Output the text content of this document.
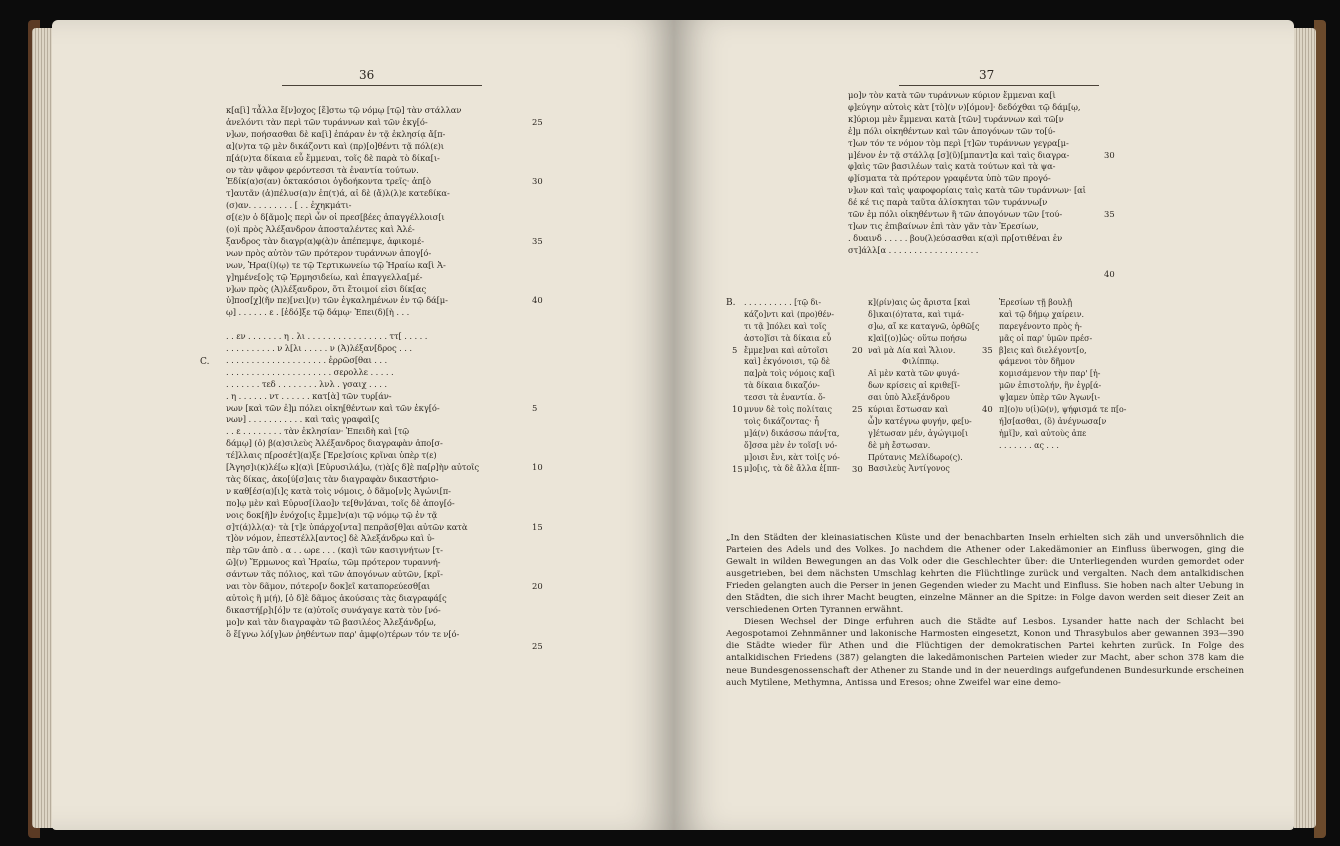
36
C.
κ[α[ὶ] τἆλλα ἔ[ν]οχος [ἔ]στω τῷ νόμῳ [τῷ] τὰν στάλλαν
ἀνελόντι τὰν περὶ τῶν τυράννων καὶ τῶν ἐκγ[ό-
ν]ων, ποήσασθαι δὲ κα[ὶ] ἐπάραν ἐν τᾷ ἐκλησίᾳ ἄ[π-
α](ν)τα τῷ μὲν δικάζοντι καὶ (πρ)[ο]θέντι τᾷ πόλ(ε)ι
π[ά(ν)τα δίκαια εὖ ἔμμεναι, τοῖς δὲ παρὰ τὸ δίκα[ι-
ον τὰν ψᾶφον φερόντεσσι τὰ ἐναντία τούτων.
Ἐδίκ(α)σ(αν) ὀκτακόσιοι ὀγδοήκοντα τρεῖς· ἀπ[ὸ
τ]αυτᾶν (ἀ)πέλυσ(α)ν ἐπ(τ)ά, αἱ δὲ (ἄ)λ(λ)ε κατεδίκα-
(σ)αν. . . . . . . . . [ . . ἐχηκμάτι-
σ[(ε)ν ὁ δ[ᾶμο]ς περὶ ὧν οἱ πρεσ[βέες ἀπαγγέλλοισ[ι
(ο)ἱ πρὸς Ἀλέξανδρον ἀποσταλέντες καὶ Ἀλέ-
ξανδρος τὰν διαγρ(α)φ(ὰ)ν ἀπέπεμψε, ἀφικομέ-
νων πρὸς αὐτὸν τῶν πρότερον τυράννων ἀπογ[ό-
νων, Ἡρα(ί)(ῳ) τε τῷ Τερτικωνείω τῷ Ἡραίω κα[ὶ Ἀ-
γ]ημένε[ο]ς τῷ Ἑρμησιδείω, καὶ ἐπαγγελλα[μέ-
ν]ων πρὸς (Ἀ)λέξανδρον, ὅτι ἕτοιμοί εἰσι δίκ[ας
ὑ]ποσ[χ](ῆν πε)[νει](ν) τῶν ἐγκαλημένων ἐν τῷ δά[μ-
ῳ] . . . . . . ε . [ἐδό]ξε τῷ δάμῳ· Ἐπει(δ)[ὴ . . .
. . εν . . . . . . . η . λι . . . . . . . . . . . . . . . . ττ[ . . . . .
. . . . . . . . . . ν λ[λι . . . . . ν (Ἀ)λέξαν[δρος . . .
. . . . . . . . . . . . . . . . . . . . ἐρρῶσ[θαι . . .
. . . . . . . . . . . . . . . . . . . . . σερολλε . . . . .
. . . . . . . τεδ . . . . . . . . λνλ . γσαιχ . . . .
. η . . . . . . ντ . . . . . . κατ[ὰ] τῶν τυρ[άν-
νων [καὶ τῶν ἐ]μ πόλει οἰκη[θέντων καὶ τῶν ἐκγ[ό-
νων] . . . . . . . . . . . καὶ ταὶς γραφαὶ[ς
. . ε . . . . . . . . τὰν ἐκλησίαν· Ἐπειδὴ καὶ [τῷ
δάμῳ] (ὁ) β(α)σιλεὺς Ἀλέξανδρος διαγραφὰν ἀπο[σ-
τέ]λλαις π[ροσέτ](α)ξε [Ἐρε]σίοις κρῖναι ὑπὲρ τ(ε)
[Ἀγησ]ι(κ)λέ[ω κ](α)ὶ [Εὐρυσιλά]ω, (τ)ὰ[ς δ]ὲ πα[ρ]ὴν αὐτοῖς
τὰς δίκας, ἀκο[ύ[σ]αις τὰν διαγραφὰν δικαστήριο-
ν καθ[έσ(α)[ι]ς κατὰ τοὶς νόμοις, ὁ δᾶμο[ν]ς Ἀγώνι[π-
πο]ῳ μὲν καὶ Εὐρυσ[ίλαο]ν τε[θν]άναι, τοῖς δὲ ἀπογ[ό-
νοις δοκ[ῆ]ν ἐνόχο[ις ἔμμε]ν(α)ι τῷ νόμῳ τῷ ἐν τᾷ
σ]τ(ά)λλ(α)· τὰ [τ]ε ὑπάρχο[ντα] πεπρᾶσ[θ]αι αὐτῶν κατὰ
τ]ὸν νόμον, ἐπεστέλλ[αντος] δὲ Ἀλεξάνδρω καὶ ὑ-
πὲρ τῶν ἀπὸ . α . . ωρε . . . (κα)ὶ τῶν κασιγνήτων [τ-
ῶ](ν) Ἕρμωνος καὶ Ἡραίω, τῶμ πρότερον τυραννή-
σάντων τᾶς πόλιος, καὶ τῶν ἀπογόνων αὐτῶν, [κρῖ-
ναι τὸν δᾶμον, πότερο[ν δοκ]εῖ καταπορεύεσθ[αι
αὐτοὶς ἢ μ(ή), [ὁ δ]ὲ δᾶμος ἀκούσαις τὰς διαγραφά[ς
δικαστή[ρ]ι[ό]ν τε (α)ὐτοῖς συνάγαγε κατὰ τὸν [νό-
μο]ν καὶ τὰν διαγραφὰν τῶ βασιλέος Ἀλεξάνδρ[ω,
ὃ ἔ[γνω λό[γ]ων ῥηθέντων παρ' ἀμφ(ο)τέρων τόν τε ν[ό-
25
30
35
40
5
10
15
20
25
37
μο]ν τὸν κατὰ τῶν τυράννων κύριον ἔμμεναι κα[ὶ
φ]εύγην αὐτοὶς κὰτ [τὸ](ν ν)[όμον]· δεδόχθαι τῷ δάμ[ῳ,
κ]ύριομ μὲν ἔμμεναι κατὰ [τῶν] τυράννων καὶ τῶ[ν
ἐ]μ πόλι οἰκηθέντων καὶ τῶν ἀπογόνων τῶν το[ύ-
τ]ων τόν τε νόμον τὸμ περὶ [τ]ῶν τυράννων γεγρα[μ-
μ]ένον ἐν τᾷ στάλλᾳ [σ](ῦ)[μπαντ]α καὶ ταὶς διαγρα-
φ]αὶς τῶν βασιλέων ταὶς κατὰ τούτων καὶ τὰ ψα-
φ]ίσματα τὰ πρότερον γραφέντα ὑπὸ τῶν προγό-
ν]ων καὶ ταὶς ψαφοφορίαις ταὶς κατὰ τῶν τυράννων· [αἰ
δέ κέ τις παρὰ ταῦτα ἁλίσκηται τῶν τυράννω[ν
τῶν ἐμ πόλι οἰκηθέντων ἢ τῶν ἀπογόνων τῶν [τού-
τ]ων τις ἐπιβαίνων ἐπὶ τὰν γᾶν τὰν Ἐρεσίων,
. δυαινδ . . . . . βου(λ)εύσασθαι κ(α)ὶ πρ[οτιθέναι ἐν
στ]άλλ[α . . . . . . . . . . . . . . . . . .
30
35
40
B. . . . . . . . . . . [τῷ δι-
κάζο]ντι καὶ (προ)θέν-
τι τᾷ ]πόλει καὶ τοῖς
ἀστο]ῖσι τὰ δίκαια εὖ
ἔμμε]ναι καὶ αὐτοῖσι
καὶ] ἐκγόνοισι, τῷ δὲ
πα]ρὰ τοὶς νόμοις κα[ὶ
τὰ δίκαια δικαζόν-
τεσσι τὰ ἐναντία. ὄ-
μνυν δὲ τοὶς πολίταις
τοὶς δικάζοντας· ἦ
μ]ά(ν) δικάσσω πάν[τα,
ὄ]σσα μὲν ἐν τοῖσ[ι νό-
μ]οισι ἔνι, κὰτ τοὶ[ς νό-
μ]ο[ις, τὰ δὲ ἄλλα ἐ[ππ-
κ](ρίν)αις ὡς ἄριστα [καὶ
δ]ικαι(ό)τατα, καὶ τιμά-
σ]ω, αἴ κε καταγνῶ, ὀρθῶ[ς
κ]αὶ[(ο)]ὠς· οὕτω ποήσω
ναὶ μὰ Δία καὶ Ἅλιον.
Φιλίππῳ.
Αἱ μὲν κατὰ τῶν φυγά-
δων κρίσεις αἱ κριθε[ῖ-
σαι ὑπὸ Ἀλεξάνδρου
κύριαι ἔστωσαν καὶ
ὧ]ν κατέγνω φυγήν, φε[υ-
γ]έτωσαν μέν, ἀγώγιμο[ι
δὲ μὴ ἔστωσαν.
Πρύτανις Μελίδωρο(ς).
Βασιλεὺς Ἀντίγονος
Ἐρεσίων τῇ βουλῇ
καὶ τῷ δήμῳ χαίρειν.
παρεγένοντο πρὸς ἡ-
μᾶς οἱ παρ' ὑμῶν πρέσ-
β]εις καὶ διελέγοντ[ο,
φάμενοι τὸν δῆμον
κομισάμενον τὴν παρ' [ἡ-
μῶν ἐπιστολήν, ἣν ἐγρ[ά-
ψ]αμεν ὑπὲρ τῶν Ἀγων[ι-
π](ο)υ υ(ἱ)ῶ(ν), ψήφισμά τε π[ο-
ή]σ[ασθαι, (ὃ) ἀνέγνωσα[ν
ἡμῖ]ν, καὶ αὐτοὺς ἀπε
. . . . . . . ας . . .
5
10
15
20
25
30
35
40

„In den Städten der kleinasiatischen Küste und der benachbarten Inseln erhielten sich zäh und unversöhnlich die Parteien des Adels und des Volkes. Jo nachdem die Athener oder Lakedämonier an Einfluss überwogen, ging die Gewalt in wilden Bewegungen an das Volk oder die Geschlechter über: die Unterliegenden wurden gemordet oder ausgetrieben, bei dem nächsten Umschlag kehrten die Flüchtlinge zurück und vergalten. Nach dem antalkidischen Frieden gelangten auch die Perser in jenen Gegenden wieder zu Macht und Einfluss. Sie hoben nach alter Uebung in den Städten, die sich ihrer Macht beugten, einzelne Männer an die Spitze: in Folge davon werden seit dieser Zeit an verschiedenen Orten Tyrannen erwähnt.

Diesen Wechsel der Dinge erfuhren auch die Städte auf Lesbos. Lysander hatte nach der Schlacht bei Aegospotamoi Zehnmänner und lakonische Harmosten eingesetzt, Konon und Thrasybulos aber gewannen 393—390 die Städte wieder für Athen und die Flüchtigen der demokratischen Partei kehrten zurück. In Folge des antalkidischen Friedens (387) gelangten die lakedämonischen Parteien wieder zur Macht, aber schon 378 kam die neue Bundesgenossenschaft der Athener zu Stande und in der neuerdings aufgefundenen Bundesurkunde erscheinen auch Mytilene, Methymna, Antissa und Eresos; ohne Zweifel war eine demo-
